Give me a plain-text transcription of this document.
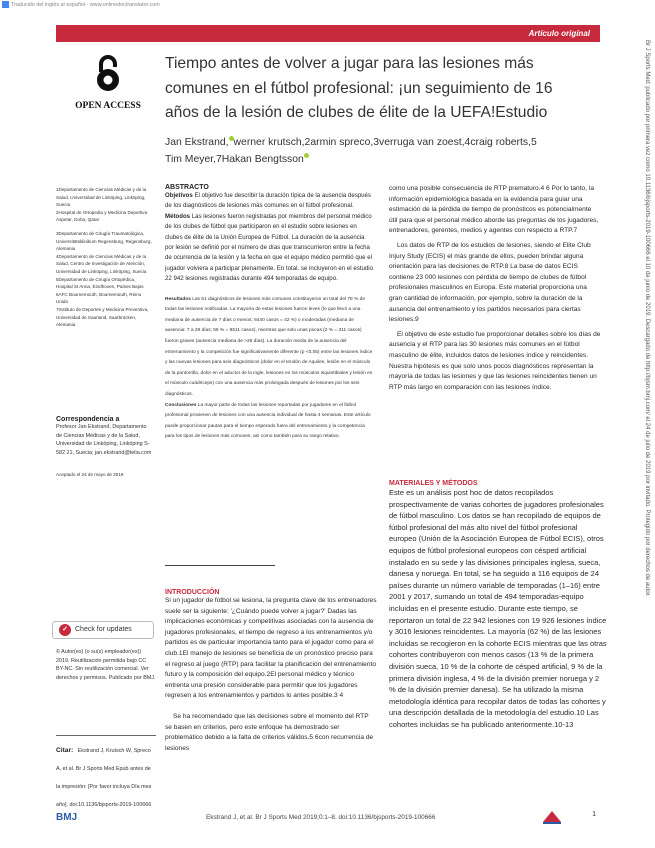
Traducido del inglés al español - www.onlinedoctranslator.com
Artículo original
OPEN ACCESS
Tiempo antes de volver a jugar para las lesiones más comunes en el fútbol profesional: ¡un seguimiento de 16 años de la lesión de clubes de élite de la UEFA!Estudio
Jan Ekstrand, werner krutsch,2armin spreco,3verruga van zoest,4craig roberts,5
Tim Meyer,7Hakan Bengtsson

1Departamento de Ciencias Médicas y de la Salud, Universidad de Linköping, Linköping, Suecia

2Hospital de Ortopedia y Medicina Deportiva Aspetar, Doha, Qatar

3Departamento de Cirugía Traumatológica, Universitätsklinikum Regensburg, Regensburg, Alemania

4Departamento de Ciencias Médicas y de la Salud, Centro de Investigación de Atención, Universidad de Linköping, Linköping, Suecia

5Departamento de Cirugía Ortopédica, Hospital St Anna, Eindhoven, Países Bajos

6AFC Bournemouth, Bournemouth, Reino Unido

7Instituto de Deportes y Medicina Preventiva, Universidad de Saarland, Saarbrücken, Alemania

Correspondencia a
Profesor Jan Ekstrand, Departamento de Ciencias Médicas y de la Salud, Universidad de Linköping, Linköping S-582 21, Suecia; jan.ekstrand@telia.com
Aceptado el 24 de mayo de 2019
✓ Check for updates
© Autor(es) (o su(s) empleador(es)) 2019. Reutilización permitida bajo CC BY-NC. Sin reutilización comercial. Ver derechos y permisos. Publicado por BMJ.
Citar: Ekstrand J, Krutsch W, Spreco A, et al. Br J Sports Med Epub antes de la impresión: [Por favor incluya Día mes año]. doi:10.1136/bjsports-2019-100666
ABSTRACTO

Objetivos El objetivo fue describir la duración típica de la ausencia después de los diagnósticos de lesiones más comunes en el fútbol profesional.

Métodos Las lesiones fueron registradas por miembros del personal médico de los clubes de fútbol que participaron en el estudio sobre lesiones en clubes de élite de la Unión Europea de Fútbol. La duración de la ausencia por lesión se definió por el número de días que transcurrieron entre la fecha de ocurrencia de la lesión y la fecha en que el equipo médico permitió que el jugador volviera a participar plenamente. En total, se incluyeron en el estudio 22 942 lesiones registradas durante 494 temporadas de equipo.

Resultados Las 51 diagnósticos de lesiones más comunes constituyeron un total del 78 % de todas las lesiones notificadas. La mayoría de estas lesiones fueron leves (lo que llevó a una mediana de ausencia de 7 días o menos; 6440 casos = 42 %) o moderadas (mediana de ausencia: 7 a 28 días; 56 % = 8511 casos), mientras que solo unas pocas (2 % = 311 casos) fueron graves (ausencia mediana de >28 días). La duración media de la ausencia del entrenamiento y la competición fue significativamente diferente (p <0,05) entre las lesiones índice y las nuevas lesiones para seis diagnósticos (dolor en el tendón de Aquiles, lesión en el músculo de la pantorrilla, dolor en el aductor de la ingle, lesiones en los músculos isquiotibiales y lesión en el músculo cuádriceps) con una ausencia más prolongada después de lesiones por los seis diagnósticos.

Conclusiones La mayor parte de todas las lesiones reportadas por jugadores en el fútbol profesional provienen de lesiones con una ausencia individual de hasta 4 semanas. Este artículo puede proporcionar pautas para el tiempo esperado fuera del entrenamiento y la competencia para los tipos de lesiones más comunes, así como también para su rango relativo.

INTRODUCCIÓN

Si un jugador de fútbol se lesiona, la pregunta clave de los entrenadores suele ser la siguiente: '¿Cuándo puede volver a jugar?' Dadas las implicaciones económicas y competitivas asociadas con la ausencia de jugadores profesionales, el tiempo de regreso a los entrenamientos y/o partidos es de particular importancia tanto para el jugador como para el club.1El manejo de lesiones se beneficia de un pronóstico preciso para el regreso al juego (RTP) para facilitar la planificación del entrenamiento futuro y la composición del equipo.2El personal médico y técnico entrenta una presión considerable para permitir que los jugadores regresen a los entrenamientos y partidos lo antes posible.3 4

Se ha recomendado que las decisiones sobre el momento del RTP se basen en criterios, pero este enfoque ha demostrado ser problemático debido a la falta de criterios válidos.5 6con recurrencia de lesiones

como una posible consecuencia de RTP prematuro.4 6 Por lo tanto, la información epidemiológica basada en la evidencia para guiar una estimación de la pérdida de tiempo de pronósticos es potencialmente útil para que el personal médico aborde las preguntas de los jugadores, entrenadores, gerentes, medios y agentes con respecto a RTP.7

Los datos de RTP de los estudios de lesiones, siendo el Elite Club Injury Study (ECIS) el más grande de ellos, pueden brindar alguna orientación para las decisiones de RTP.8 La base de datos ECIS contiene 23 000 lesiones con pérdida de tiempo de clubes de fútbol profesionales masculinos en Europa. Este material proporciona una gran cantidad de información, por ejemplo, sobre la duración de la ausencia del entrenamiento y los partidos necesarios para ciertas lesiones.9

El objetivo de este estudio fue proporcionar detalles sobre los días de ausencia y el RTP para las 30 lesiones más comunes en el fútbol masculino de élite, incluidos datos de lesiones índice y reincidentes. Nuestra hipótesis es que solo unos pocos diagnósticos representan la mayoría de todas las lesiones y que las lesiones reincidentes tienen un RTP más largo en comparación con las lesiones índice.

MATERIALES Y MÉTODOS

Este es un análisis post hoc de datos recopilados prospectivamente de varias cohortes de jugadores profesionales de fútbol masculino. Los datos se han recopilado de equipos de fútbol profesional del más alto nivel del fútbol profesional europeo (Unión de la Asociación Europea de Fútbol ECIS), otros equipos de fútbol profesional europeos con césped artificial instalado en su sede y las divisiones principales inglesa, sueca, danesa y noruega. En total, se ha seguido a 116 equipos de 24 países durante un número variable de temporadas (1–16) entre 2001 y 2017, sumando un total de 494 temporadas-equipo incluidas en el presente estudio. Durante este tiempo, se reportaron un total de 22 942 lesiones con 19 926 lesiones índice y 3016 lesiones reincidentes. La mayoría (62 %) de las lesiones incluidas se recogieron en la cohorte ECIS mientras que las otras cohortes contribuyeron con menos casos (13 % de la primera división sueca, 10 % de la cohorte de césped artificial, 9 % de la primera división inglesa, 4 % de la división premier noruega y 2 % de la división premier danesa). Se ha utilizado la misma metodología idéntica para recopilar datos de todas las cohortes y una descripción detallada de la metodología del estudio.10 Las cohortes incluidas se ha publicado anteriormente.10-13

Br J Sports Med: publicado por primera vez como 10.1136/bjsports-2019-100666 el 10 de junio de 2019. Descargado de http://bjsm.bmj.com/ el 24 de julio de 2019 por invitado. Protegido por derechos de autor.
BMJ	Ekstrand J, et al. Br J Sports Med 2019;0:1–8. doi:10.1136/bjsports-2019-100666	1
